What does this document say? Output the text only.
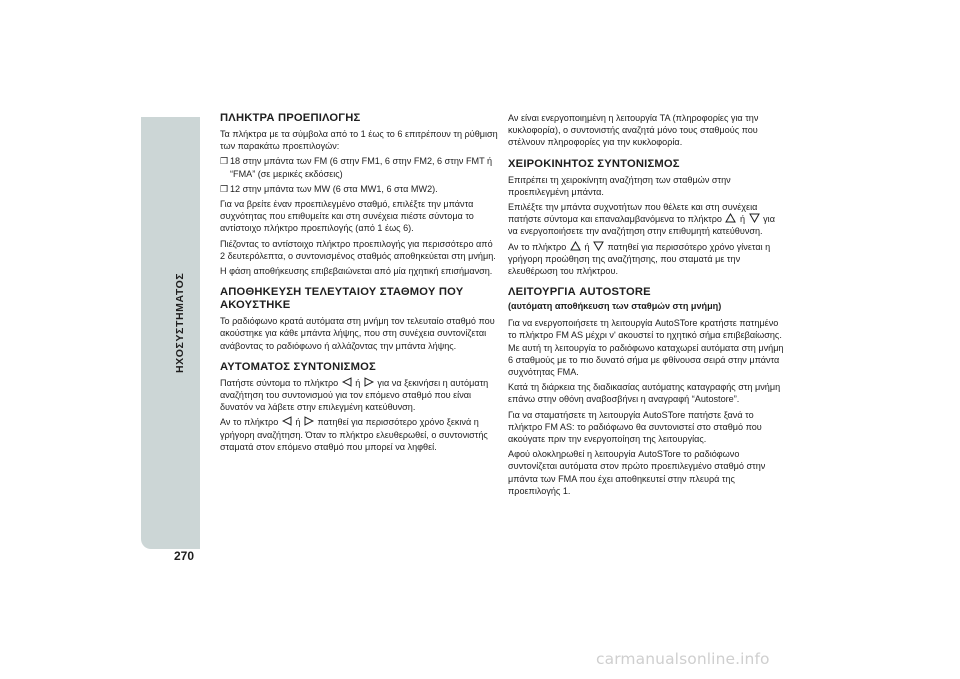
ΗΧΟΣΥΣΤΗΜΑΤΟΣ
270
ΠΛΗΚΤΡΑ ΠΡΟΕΠΙΛΟΓΗΣ

Τα πλήκτρα με τα σύμβολα από το 1 έως το 6 επιτρέπουν τη ρύθμιση των παρακάτω προεπιλογών:

❒ 18 στην μπάντα των FM (6 στην FM1, 6 στην FM2, 6 στην FMT ή “FMA” (σε μερικές εκδόσεις)
❒ 12 στην μπάντα των MW (6 στα MW1, 6 στα MW2).

Για να βρείτε έναν προεπιλεγμένο σταθμό, επιλέξτε την μπάντα συχνότητας που επιθυμείτε και στη συνέχεια πιέστε σύντομα το αντίστοιχο πλήκτρο προεπιλογής (από 1 έως 6).

Πιέζοντας το αντίστοιχο πλήκτρο προεπιλογής για περισσότερο από 2 δευτερόλεπτα, ο συντονισμένος σταθμός αποθηκεύεται στη μνήμη.

Η φάση αποθήκευσης επιβεβαιώνεται από μία ηχητική επισήμανση.

ΑΠΟΘΗΚΕΥΣΗ ΤΕΛΕΥΤΑΙΟΥ ΣΤΑΘΜΟΥ ΠΟΥ ΑΚΟΥΣΤΗΚΕ

Το ραδιόφωνο κρατά αυτόματα στη μνήμη τον τελευταίο σταθμό που ακούστηκε για κάθε μπάντα λήψης, που στη συνέχεια συντονίζεται ανάβοντας το ραδιόφωνο ή αλλάζοντας την μπάντα λήψης.

ΑΥΤΟΜΑΤΟΣ ΣΥΝΤΟΝΙΣΜΟΣ

Πατήστε σύντομα το πλήκτρο ή για να ξεκινήσει η αυτόματη αναζήτηση του συντονισμού για τον επόμενο σταθμό που είναι δυνατόν να λάβετε στην επιλεγμένη κατεύθυνση.

Αν το πλήκτρο ή πατηθεί για περισσότερο χρόνο ξεκινά η γρήγορη αναζήτηση. Όταν το πλήκτρο ελευθερωθεί, ο συντονιστής σταματά στον επόμενο σταθμό που μπορεί να ληφθεί.

Αν είναι ενεργοποιημένη η λειτουργία TA (πληροφορίες για την κυκλοφορία), ο συντονιστής αναζητά μόνο τους σταθμούς που στέλνουν πληροφορίες για την κυκλοφορία.

ΧΕΙΡΟΚΙΝΗΤΟΣ ΣΥΝΤΟΝΙΣΜΟΣ

Επιτρέπει τη χειροκίνητη αναζήτηση των σταθμών στην προεπιλεγμένη μπάντα.

Επιλέξτε την μπάντα συχνοτήτων που θέλετε και στη συνέχεια πατήστε σύντομα και επαναλαμβανόμενα το πλήκτρο ή για να ενεργοποιήσετε την αναζήτηση στην επιθυμητή κατεύθυνση.

Αν το πλήκτρο ή πατηθεί για περισσότερο χρόνο γίνεται η γρήγορη προώθηση της αναζήτησης, που σταματά με την ελευθέρωση του πλήκτρου.

ΛΕΙΤΟΥΡΓΙΑ AUTOSTORE
(αυτόματη αποθήκευση των σταθμών στη μνήμη)

Για να ενεργοποιήσετε τη λειτουργία AutoSTore κρατήστε πατημένο το πλήκτρο FM AS μέχρι ν' ακουστεί το ηχητικό σήμα επιβεβαίωσης. Με αυτή τη λειτουργία το ραδιόφωνο καταχωρεί αυτόματα στη μνήμη 6 σταθμούς με το πιο δυνατό σήμα με φθίνουσα σειρά στην μπάντα συχνότητας FMA.

Κατά τη διάρκεια της διαδικασίας αυτόματης καταγραφής στη μνήμη επάνω στην οθόνη αναβοσβήνει η αναγραφή “Autostore”.

Για να σταματήσετε τη λειτουργία AutoSTore πατήστε ξανά το πλήκτρο FM AS: το ραδιόφωνο θα συντονιστεί στο σταθμό που ακούγατε πριν την ενεργοποίηση της λειτουργίας.

Αφού ολοκληρωθεί η λειτουργία AutoSTore το ραδιόφωνο συντονίζεται αυτόματα στον πρώτο προεπιλεγμένο σταθμό στην μπάντα των FMA που έχει αποθηκευτεί στην πλευρά της προεπιλογής 1.

carmanualsonline.info
